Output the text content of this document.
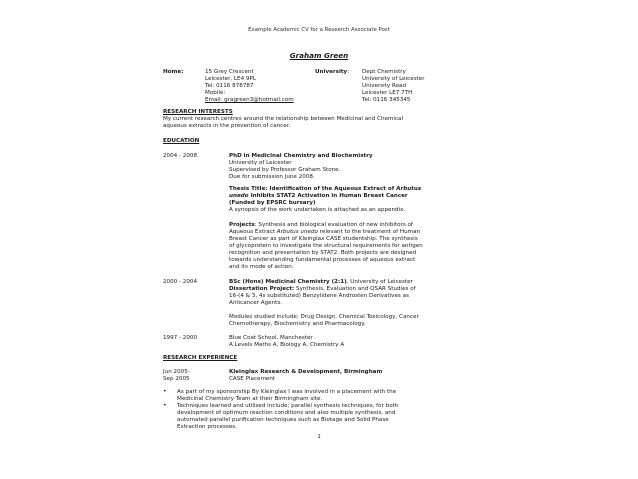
Example Academic CV for a Research Associate Post
Graham Green
Home:	15 Grey Crescent
Leicester, LE4 9PL
Tel: 0116 878787
Mobile:
Email: gragreen3@hotmail.com
University: Dept Chemistry
University of Leicester
University Road
Leicester LE7 7TH
Tel: 0116 345345
RESEARCH INTERESTS
My current research centres around the relationship between Medicinal and Chemical
aqueous extracts in the prevention of cancer.
EDUCATION
2004 - 2008	PhD in Medicinal Chemistry and Biochemistry
University of Leicester
Supervised by Professor Graham Stone.
Due for submission June 2008.
Thesis Title: Identification of the Aqueous Extract of Arbutus
unedo Inhibits STAT2 Activation in Human Breast Cancer
(Funded by EPSRC bursary)
A synopsis of the work undertaken is attached as an appendix.
Projects: Synthesis and biological evaluation of new inhibitors of
Aqueous Extract Arbutus unedo relevant to the treatment of Human
Breast Cancer as part of Kleinglax CASE studentship. The synthesis
of glycoprotein to investigate the structural requirements for antigen
recognition and presentation by STAT2. Both projects are designed
towards understanding fundamental processes of aqueous extract
and its mode of action.
2000 - 2004	BSc (Hons) Medicinal Chemistry (2:1), University of Leicester
Dissertation Project: Synthesis, Evaluation and QSAR Studies of
16-(4 & 3, 4s substituted) Benzylidene Androsten Derivatives as
Anticancer Agents.
Modules studied include; Drug Design, Chemical Toxicology, Cancer
Chemotherapy, Biochemistry and Pharmacology.
1997 - 2000	Blue Coat School, Manchester
A Levels Maths A, Biology A, Chemistry A
RESEARCH EXPERIENCE
Jun 2005-
Sep 2005
Kleinglax Research & Development, Birmingham
CASE Placement
• As part of my sponsorship By Kleinglax I was involved in a placement with the
Medicinal Chemistry Team at their Birmingham site.
• Techniques learned and utilised include; parallel synthesis techniques, for both
development of optimum reaction conditions and also multiple synthesis, and
automated parallel purification techniques such as Biotage and Solid Phase
Extraction processes.
1
